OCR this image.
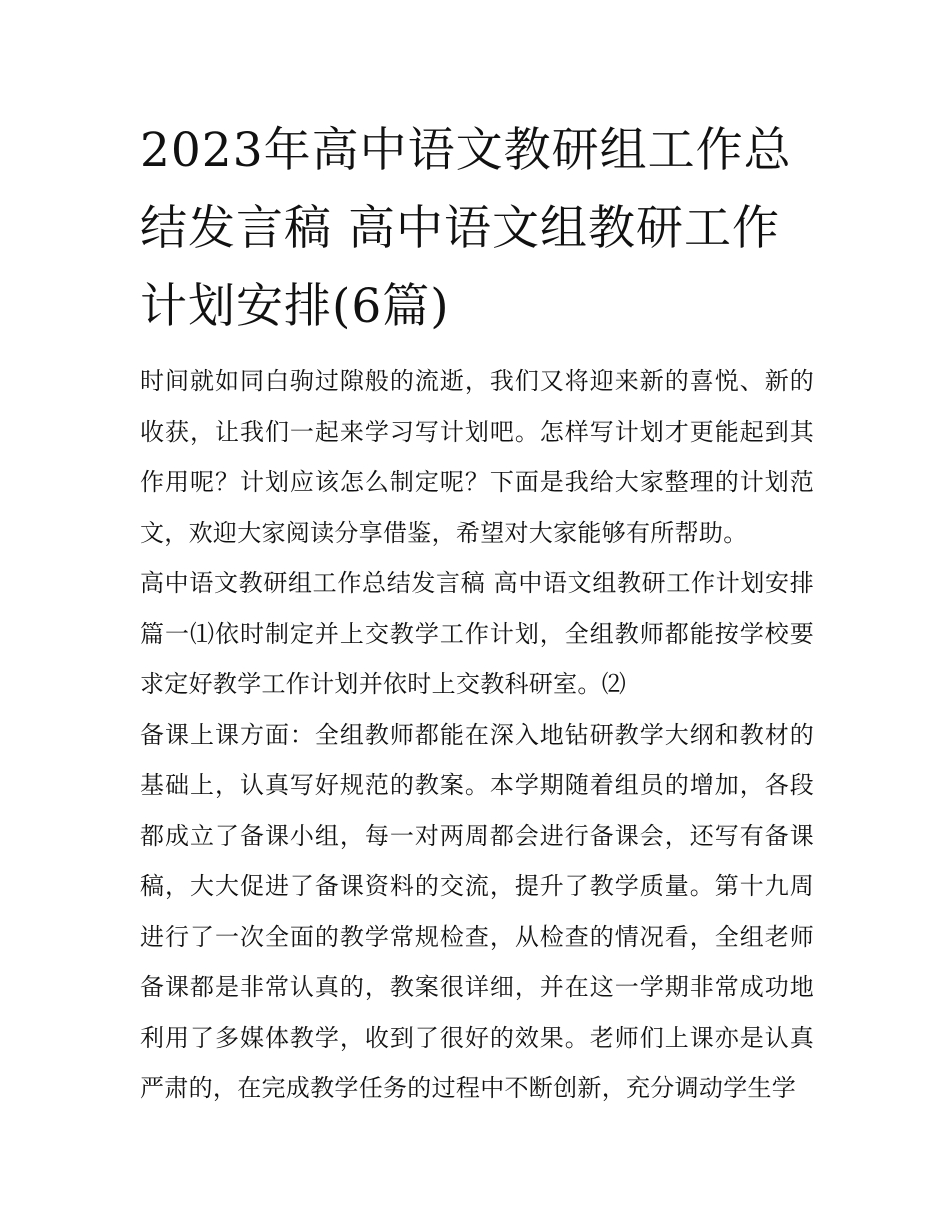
2023年高中语文教研组工作总结发言稿 高中语文组教研工作计划安排(6篇)

时间就如同白驹过隙般的流逝，我们又将迎来新的喜悦、新的收获，让我们一起来学习写计划吧。怎样写计划才更能起到其作用呢？计划应该怎么制定呢？下面是我给大家整理的计划范文，欢迎大家阅读分享借鉴，希望对大家能够有所帮助。

高中语文教研组工作总结发言稿 高中语文组教研工作计划安排篇一⑴依时制定并上交教学工作计划，全组教师都能按学校要求定好教学工作计划并依时上交教科研室。⑵

备课上课方面：全组教师都能在深入地钻研教学大纲和教材的基础上，认真写好规范的教案。本学期随着组员的增加，各段都成立了备课小组，每一对两周都会进行备课会，还写有备课稿，大大促进了备课资料的交流，提升了教学质量。第十九周进行了一次全面的教学常规检查，从检查的情况看，全组老师备课都是非常认真的，教案很详细，并在这一学期非常成功地利用了多媒体教学，收到了很好的效果。老师们上课亦是认真严肃的，在完成教学任务的过程中不断创新，充分调动学生学
